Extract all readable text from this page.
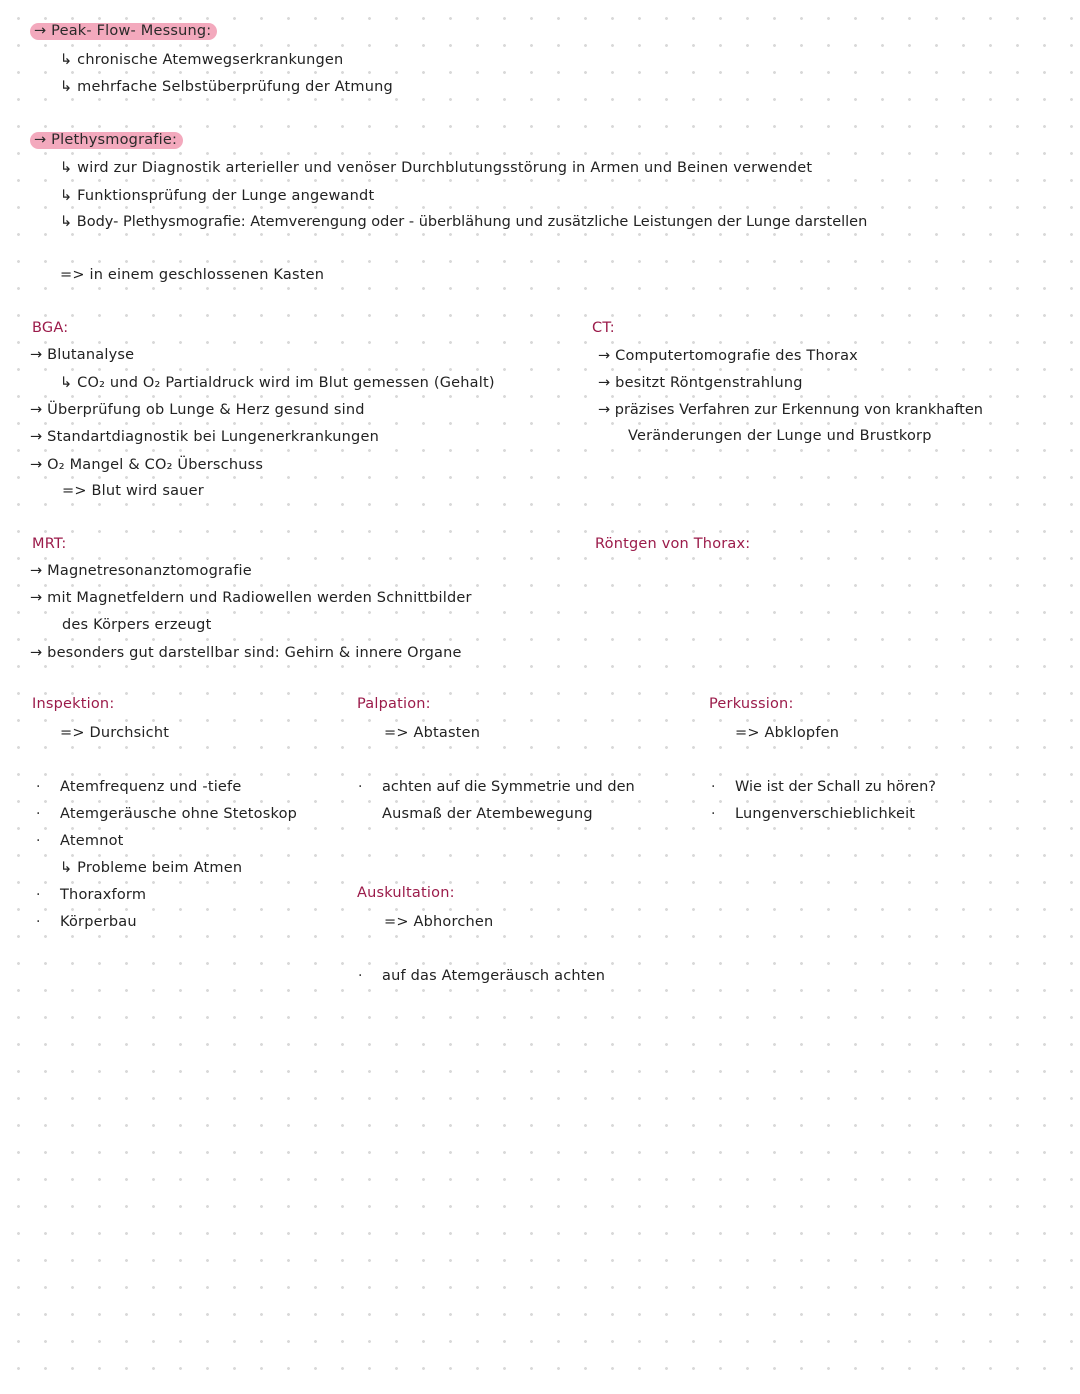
→ Peak- Flow- Messung:
↳ chronische Atemwegserkrankungen
↳ mehrfache Selbstüberprüfung der Atmung
→ Plethysmografie:
↳ wird zur Diagnostik arterieller und venöser Durchblutungsstörung in Armen und Beinen verwendet
↳ Funktionsprüfung der Lunge angewandt
↳ Body- Plethysmografie: Atemverengung oder - überblähung und zusätzliche Leistungen der Lunge darstellen
=> in einem geschlossenen Kasten
BGA:
→ Blutanalyse
↳ CO₂ und O₂ Partialdruck wird im Blut gemessen (Gehalt)
→ Überprüfung ob Lunge & Herz gesund sind
→ Standartdiagnostik bei Lungenerkrankungen
→ O₂ Mangel & CO₂ Überschuss
=> Blut wird sauer
CT:
→ Computertomografie des Thorax
→ besitzt Röntgenstrahlung
→ präzises Verfahren zur Erkennung von krankhaften
Veränderungen der Lunge und Brustkorp
MRT:
→ Magnetresonanztomografie
→ mit Magnetfeldern und Radiowellen werden Schnittbilder
des Körpers erzeugt
→ besonders gut darstellbar sind: Gehirn & innere Organe
Röntgen von Thorax:
Inspektion:
=> Durchsicht
· Atemfrequenz und -tiefe
· Atemgeräusche ohne Stetoskop
· Atemnot
↳ Probleme beim Atmen
· Thoraxform
· Körperbau
Palpation:
=> Abtasten
· achten auf die Symmetrie und den
Ausmaß der Atembewegung
Auskultation:
=> Abhorchen
· auf das Atemgeräusch achten
Perkussion:
=> Abklopfen
· Wie ist der Schall zu hören?
· Lungenverschieblichkeit
